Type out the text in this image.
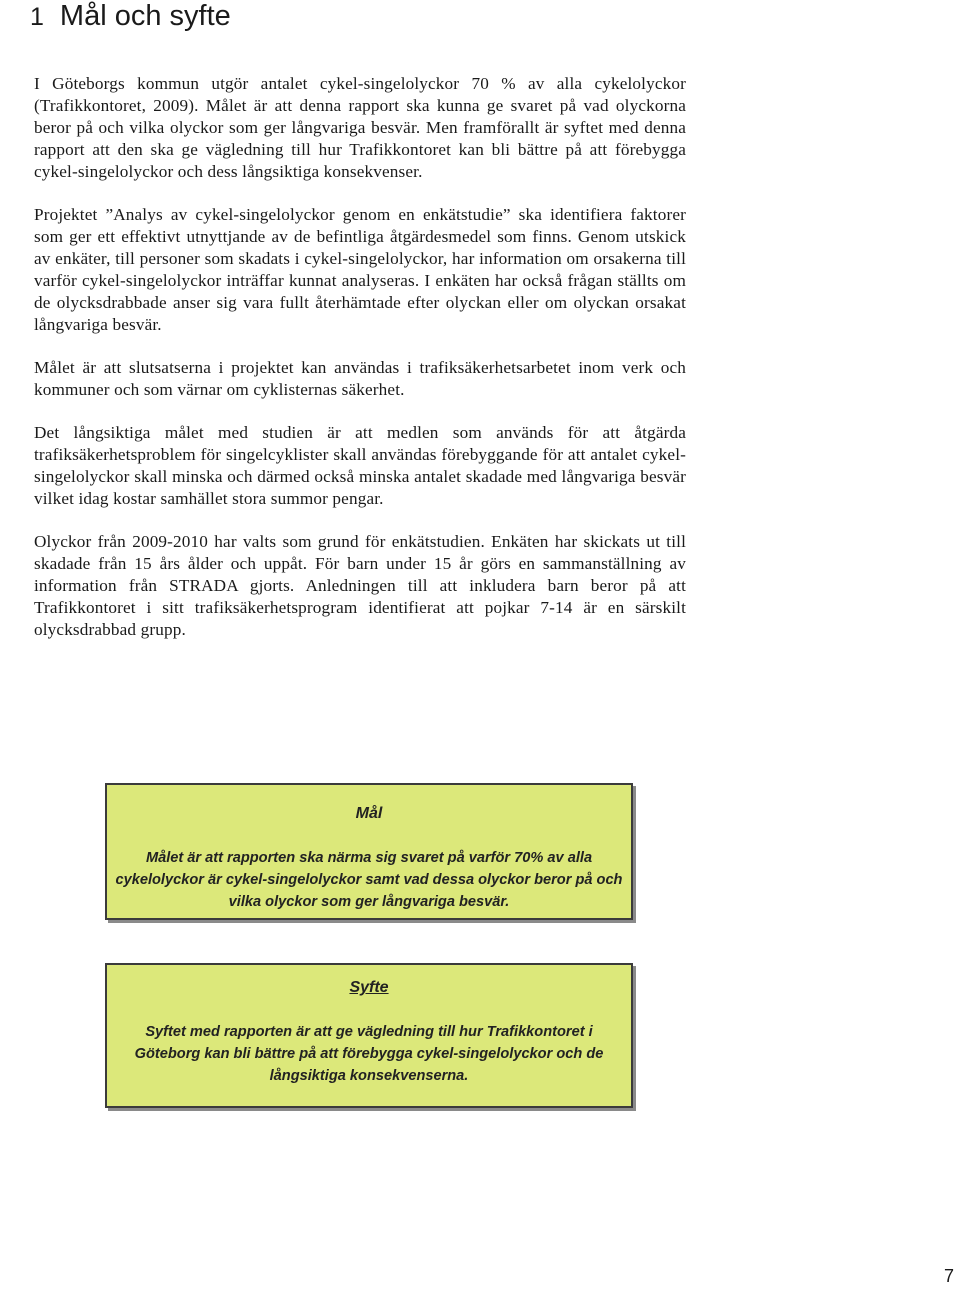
1 Mål och syfte

I Göteborgs kommun utgör antalet cykel-singelolyckor 70 % av alla cykelolyckor (Trafikkontoret, 2009). Målet är att denna rapport ska kunna ge svaret på vad olyckorna beror på och vilka olyckor som ger långvariga besvär. Men framförallt är syftet med denna rapport att den ska ge vägledning till hur Trafikkontoret kan bli bättre på att förebygga cykel-singelolyckor och dess långsiktiga konsekvenser.

Projektet ”Analys av cykel-singelolyckor genom en enkätstudie” ska identifiera faktorer som ger ett effektivt utnyttjande av de befintliga åtgärdesmedel som finns. Genom utskick av enkäter, till personer som skadats i cykel-singelolyckor, har information om orsakerna till varför cykel-singelolyckor inträffar kunnat analyseras. I enkäten har också frågan ställts om de olycksdrabbade anser sig vara fullt återhämtade efter olyckan eller om olyckan orsakat långvariga besvär.

Målet är att slutsatserna i projektet kan användas i trafiksäkerhetsarbetet inom verk och kommuner och som värnar om cyklisternas säkerhet.

Det långsiktiga målet med studien är att medlen som används för att åtgärda trafiksäkerhetsproblem för singelcyklister skall användas förebyggande för att antalet cykel-singelolyckor skall minska och därmed också minska antalet skadade med långvariga besvär vilket idag kostar samhället stora summor pengar.

Olyckor från 2009-2010 har valts som grund för enkätstudien. Enkäten har skickats ut till skadade från 15 års ålder och uppåt. För barn under 15 år görs en sammanställning av information från STRADA gjorts. Anledningen till att inkludera barn beror på att Trafikkontoret i sitt trafiksäkerhetsprogram identifierat att pojkar 7-14 är en särskilt olycksdrabbad grupp.

Mål
Målet är att rapporten ska närma sig svaret på varför 70% av alla cykelolyckor är cykel-singelolyckor samt vad dessa olyckor beror på och vilka olyckor som ger långvariga besvär.
Syfte
Syftet med rapporten är att ge vägledning till hur Trafikkontoret i Göteborg kan bli bättre på att förebygga cykel-singelolyckor och de långsiktiga konsekvenserna.
7
